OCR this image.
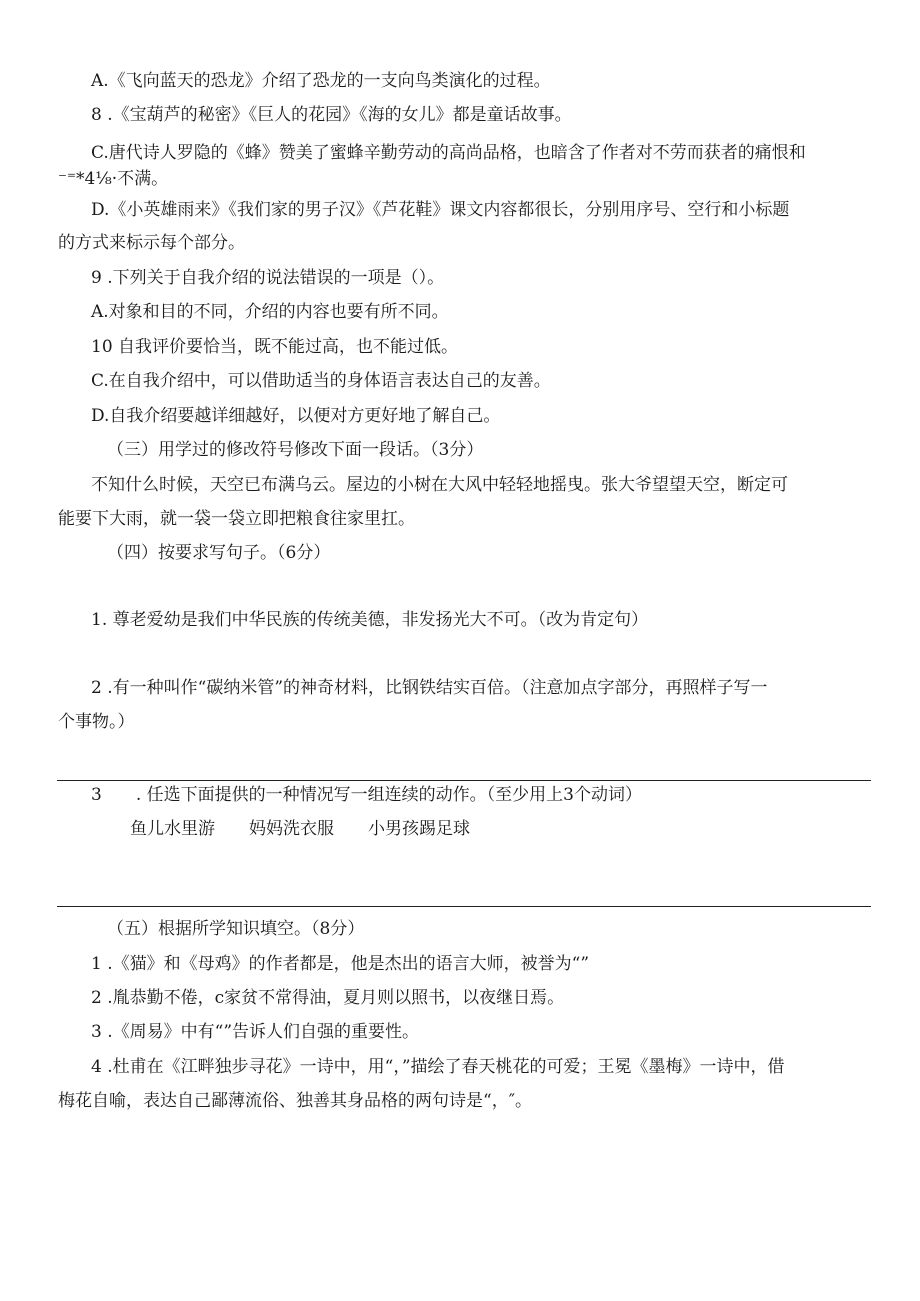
A.《飞向蓝天的恐龙》介绍了恐龙的一支向鸟类演化的过程。
8 .《宝葫芦的秘密》《巨人的花园》《海的女儿》都是童话故事。
C.唐代诗人罗隐的《蜂》赞美了蜜蜂辛勤劳动的高尚品格，也暗含了作者对不劳而获者的痛恨和
⁻⁼*4⅛·不满。
D.《小英雄雨来》《我们家的男子汉》《芦花鞋》课文内容都很长，分别用序号、空行和小标题
的方式来标示每个部分。
9 .下列关于自我介绍的说法错误的一项是（）。
A.对象和目的不同，介绍的内容也要有所不同。
10 自我评价要恰当，既不能过高，也不能过低。
C.在自我介绍中，可以借助适当的身体语言表达自己的友善。
D.自我介绍要越详细越好，以便对方更好地了解自己。
（三）用学过的修改符号修改下面一段话。（3分）
不知什么时候，天空已布满乌云。屋边的小树在大风中轻轻地摇曳。张大爷望望天空，断定可
能要下大雨，就一袋一袋立即把粮食往家里扛。
（四）按要求写句子。（6分）
1. 尊老爱幼是我们中华民族的传统美德，非发扬光大不可。（改为肯定句）
2 .有一种叫作“碳纳米管”的神奇材料，比钢铁结实百倍。（注意加点字部分，再照样子写一
个事物。）
3　　. 任选下面提供的一种情况写一组连续的动作。（至少用上3个动词）
鱼儿水里游　　妈妈洗衣服　　小男孩踢足球
（五）根据所学知识填空。（8分）
1 .《猫》和《母鸡》的作者都是，他是杰出的语言大师，被誉为“”
2 .胤恭勤不倦，c家贫不常得油，夏月则以照书，以夜继日焉。
3 .《周易》中有“”告诉人们自强的重要性。
4 .杜甫在《江畔独步寻花》一诗中，用“，”描绘了春天桃花的可爱；王冕《墨梅》一诗中，借
梅花自喻，表达自己鄙薄流俗、独善其身品格的两句诗是“，″。
